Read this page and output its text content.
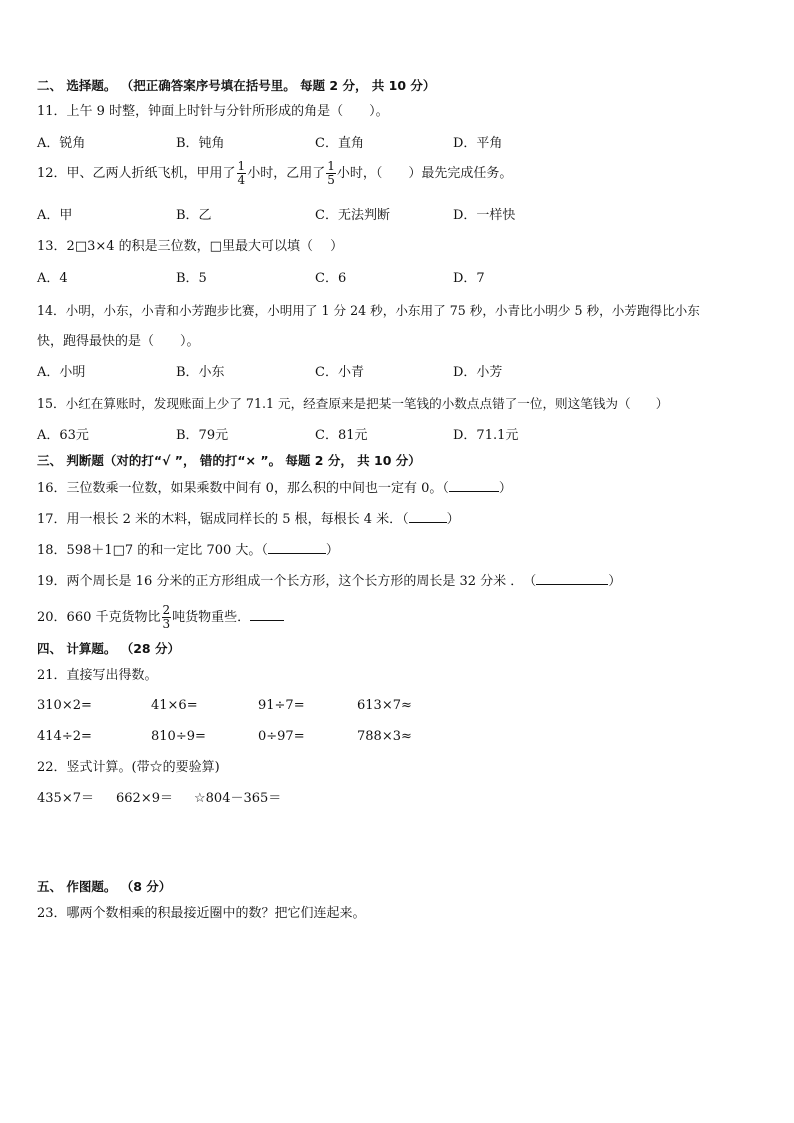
二、 选择题。 （把正确答案序号填在括号里。 每题 2 分， 共 10 分）
11．上午 9 时整，钟面上时针与分针所形成的角是（　　）。
A．锐角	B．钝角	C．直角	D．平角
12．甲、乙两人折纸飞机，甲用了 $\frac{1}{4}$ 小时，乙用了 $\frac{1}{5}$ 小时，（　　）最先完成任务。
A．甲	B．乙	C．无法判断	D．一样快
13．2□3×4 的积是三位数，□里最大可以填（　 ）
A．4	B．5	C．6	D．7
14．小明，小东，小青和小芳跑步比赛，小明用了 1 分 24 秒，小东用了 75 秒，小青比小明少 5 秒，小芳跑得比小东
快，跑得最快的是（　　）。
A．小明	B．小东	C．小青	D．小芳
15．小红在算账时，发现账面上少了 71.1 元，经查原来是把某一笔钱的小数点点错了一位，则这笔钱为（　　）
A．63元	B．79元	C．81元	D．71.1元
三、 判断题（对的打“√ ”， 错的打“× ”。 每题 2 分， 共 10 分）
16．三位数乘一位数，如果乘数中间有 0，那么积的中间也一定有 0。（	）
17．用一根长 2 米的木料，锯成同样长的 5 根，每根长 4 米．（	）
18．598＋1□7 的和一定比 700 大。（	）
19．两个周长是 16 分米的正方形组成一个长方形，这个长方形的周长是 32 分米 ．　（	）
20．660 千克货物比 $\frac{2}{3}$ 吨货物重些．
四、 计算题。 （28 分）
21．直接写出得数。
310×2=	41×6=	91÷7=	613×7≈
414÷2=	810÷9=	0÷97=	788×3≈
22．竖式计算。(带☆的要验算)
435×7＝ 662×9＝ ☆804－365＝
五、 作图题。 （8 分）
23．哪两个数相乘的积最接近圈中的数？把它们连起来。
